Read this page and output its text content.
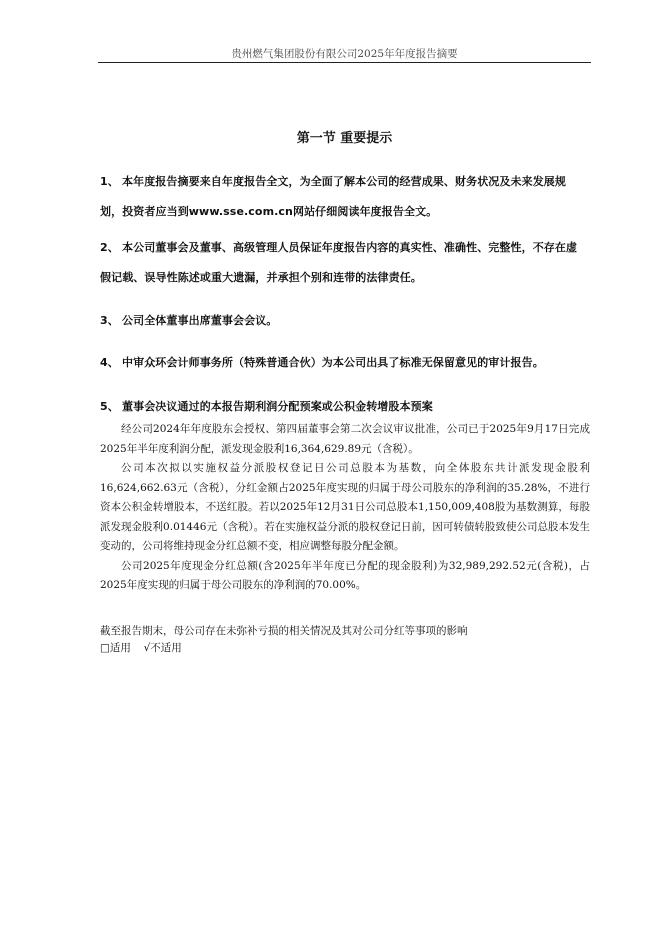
贵州燃气集团股份有限公司2025年年度报告摘要
第一节 重要提示
1、 本年度报告摘要来自年度报告全文，为全面了解本公司的经营成果、财务状况及未来发展规划，投资者应当到www.sse.com.cn网站仔细阅读年度报告全文。
2、 本公司董事会及董事、高级管理人员保证年度报告内容的真实性、准确性、完整性，不存在虚假记载、误导性陈述或重大遗漏，并承担个别和连带的法律责任。
3、 公司全体董事出席董事会会议。
4、 中审众环会计师事务所（特殊普通合伙）为本公司出具了标准无保留意见的审计报告。
5、 董事会决议通过的本报告期利润分配预案或公积金转增股本预案

经公司2024年年度股东会授权、第四届董事会第二次会议审议批准，公司已于2025年9月17日完成2025年半年度利润分配，派发现金股利16,364,629.89元（含税）。

公司本次拟以实施权益分派股权登记日公司总股本为基数，向全体股东共计派发现金股利16,624,662.63元（含税），分红金额占2025年度实现的归属于母公司股东的净利润的35.28%，不进行资本公积金转增股本，不送红股。若以2025年12月31日公司总股本1,150,009,408股为基数测算，每股派发现金股利0.01446元（含税）。若在实施权益分派的股权登记日前，因可转债转股致使公司总股本发生变动的，公司将维持现金分红总额不变，相应调整每股分配金额。

公司2025年度现金分红总额(含2025年半年度已分配的现金股利)为32,989,292.52元(含税)，占2025年度实现的归属于母公司股东的净利润的70.00%。

截至报告期末，母公司存在未弥补亏损的相关情况及其对公司分红等事项的影响
□适用 √不适用
